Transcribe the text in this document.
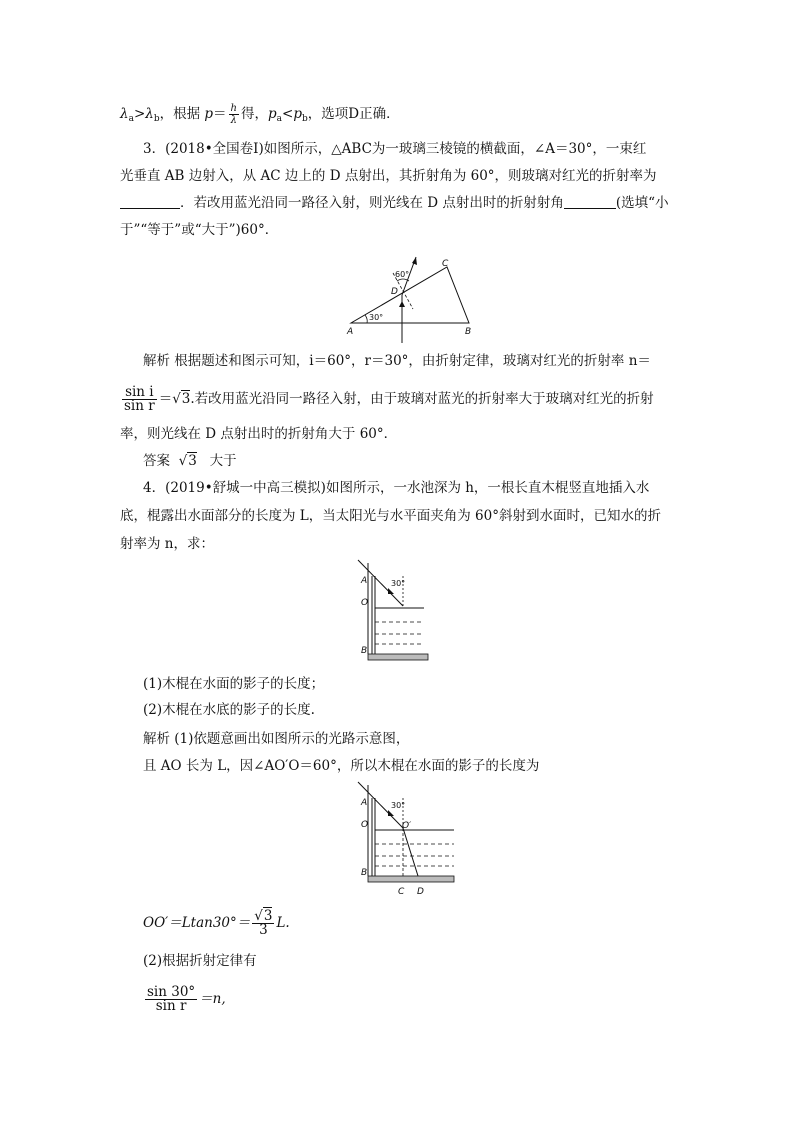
$\lambda_a>\lambda_b$，根据 $p= \frac{h}{\lambda}$ 得，$p_a<p_b$，选项D正确．
3．(2018•全国卷Ⅰ)如图所示，△ABC为一玻璃三棱镜的横截面，∠A＝30°，一束红
光垂直 AB 边射入，从 AC 边上的 D 点射出，其折射角为 60°，则玻璃对红光的折射率为
．若改用蓝光沿同一路径入射，则光线在 D 点射出时的折射射角	(选填“小
于”“等于”或“大于”)60°．
60°
30°
A	B
C
D
解析 根据题述和图示可知，i＝60°，r＝30°，由折射定律，玻璃对红光的折射率 n＝
$\frac{\text{sin i}}{\text{sin r}} =√3$.若改用蓝光沿同一路径入射，由于玻璃对蓝光的折射率大于玻璃对红光的折射
率，则光线在 D 点射出时的折射角大于 60°．
答案 √3 大于
4．(2019•舒城一中高三模拟)如图所示，一水池深为 h，一根长直木棍竖直地插入水
底，棍露出水面部分的长度为 L，当太阳光与水平面夹角为 60°斜射到水面时，已知水的折
射率为 n，求：
30°
A
O
B
(1)木棍在水面的影子的长度；
(2)木棍在水底的影子的长度.
解析 (1)依题意画出如图所示的光路示意图，
且 AO 长为 L，因∠AO′O＝60°，所以木棍在水面的影子的长度为
30°
A
O	O′
B
C D
$OO'=Ltan30^\circ= \frac{√3}{3} L$.
(2)根据折射定律有
$\frac{\sin 30^\circ}{\text{sin r}} =n$,
